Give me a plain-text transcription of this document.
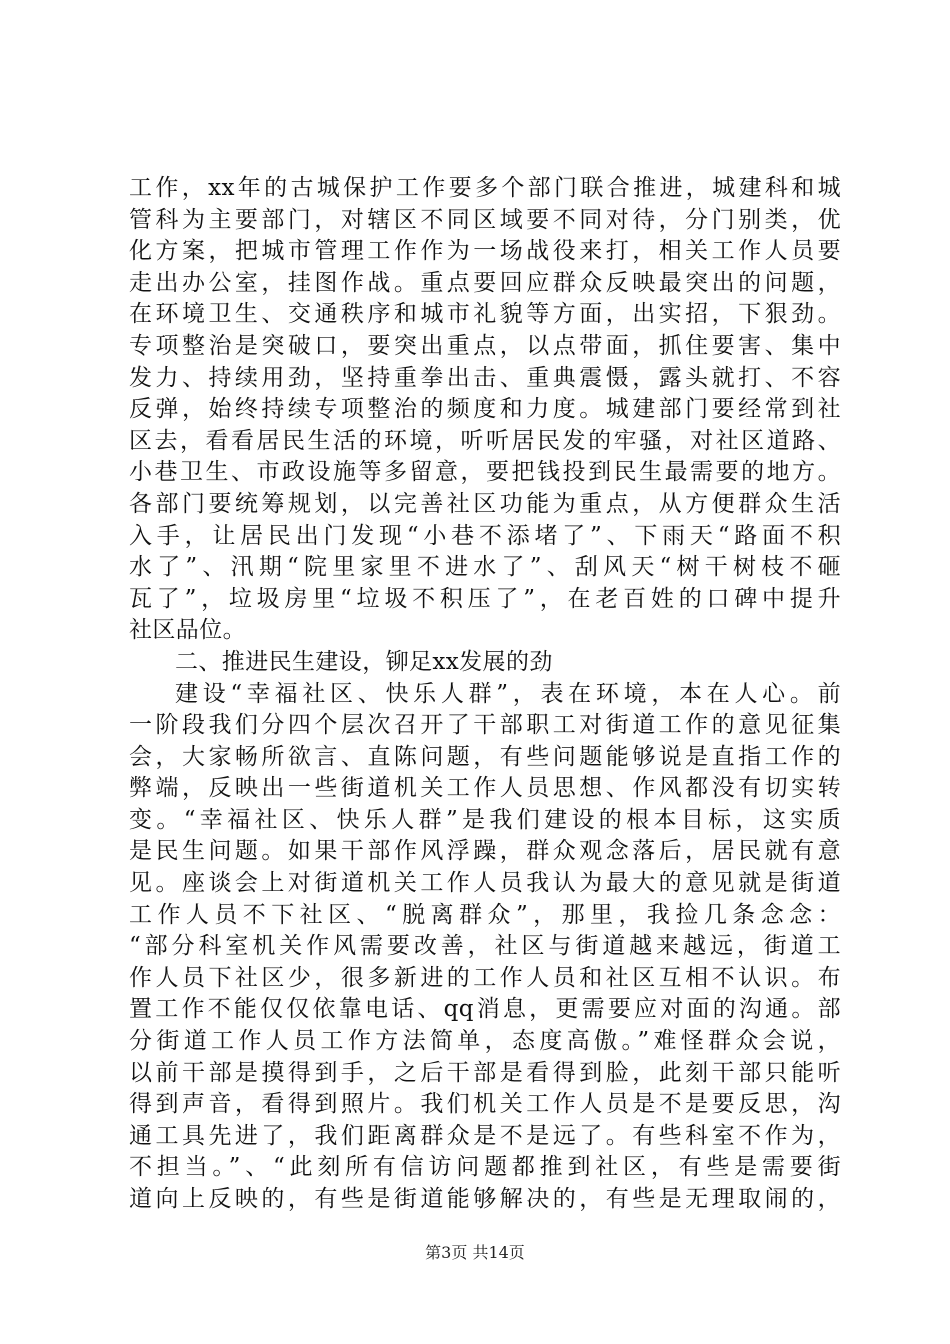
工作，xx年的古城保护工作要多个部门联合推进，城建科和城
管科为主要部门，对辖区不同区域要不同对待，分门别类，优
化方案，把城市管理工作作为一场战役来打，相关工作人员要
走出办公室，挂图作战。重点要回应群众反映最突出的问题，
在环境卫生、交通秩序和城市礼貌等方面，出实招，下狠劲。
专项整治是突破口，要突出重点，以点带面，抓住要害、集中
发力、持续用劲，坚持重拳出击、重典震慑，露头就打、不容
反弹，始终持续专项整治的频度和力度。城建部门要经常到社
区去，看看居民生活的环境，听听居民发的牢骚，对社区道路、
小巷卫生、市政设施等多留意，要把钱投到民生最需要的地方。
各部门要统筹规划，以完善社区功能为重点，从方便群众生活
入手，让居民出门发现“小巷不添堵了”、下雨天“路面不积
水了”、汛期“院里家里不进水了”、刮风天“树干树枝不砸
瓦了”，垃圾房里“垃圾不积压了”，在老百姓的口碑中提升
社区品位。
二、推进民生建设，铆足xx发展的劲
建设“幸福社区、快乐人群”，表在环境，本在人心。前
一阶段我们分四个层次召开了干部职工对街道工作的意见征集
会，大家畅所欲言、直陈问题，有些问题能够说是直指工作的
弊端，反映出一些街道机关工作人员思想、作风都没有切实转
变。“幸福社区、快乐人群”是我们建设的根本目标，这实质
是民生问题。如果干部作风浮躁，群众观念落后，居民就有意
见。座谈会上对街道机关工作人员我认为最大的意见就是街道
工作人员不下社区、“脱离群众”，那里，我捡几条念念：
“部分科室机关作风需要改善，社区与街道越来越远，街道工
作人员下社区少，很多新进的工作人员和社区互相不认识。布
置工作不能仅仅依靠电话、qq消息，更需要应对面的沟通。部
分街道工作人员工作方法简单，态度高傲。”难怪群众会说，
以前干部是摸得到手，之后干部是看得到脸，此刻干部只能听
得到声音，看得到照片。我们机关工作人员是不是要反思，沟
通工具先进了，我们距离群众是不是远了。有些科室不作为，
不担当。”、“此刻所有信访问题都推到社区，有些是需要街
道向上反映的，有些是街道能够解决的，有些是无理取闹的，
第3页 共14页
